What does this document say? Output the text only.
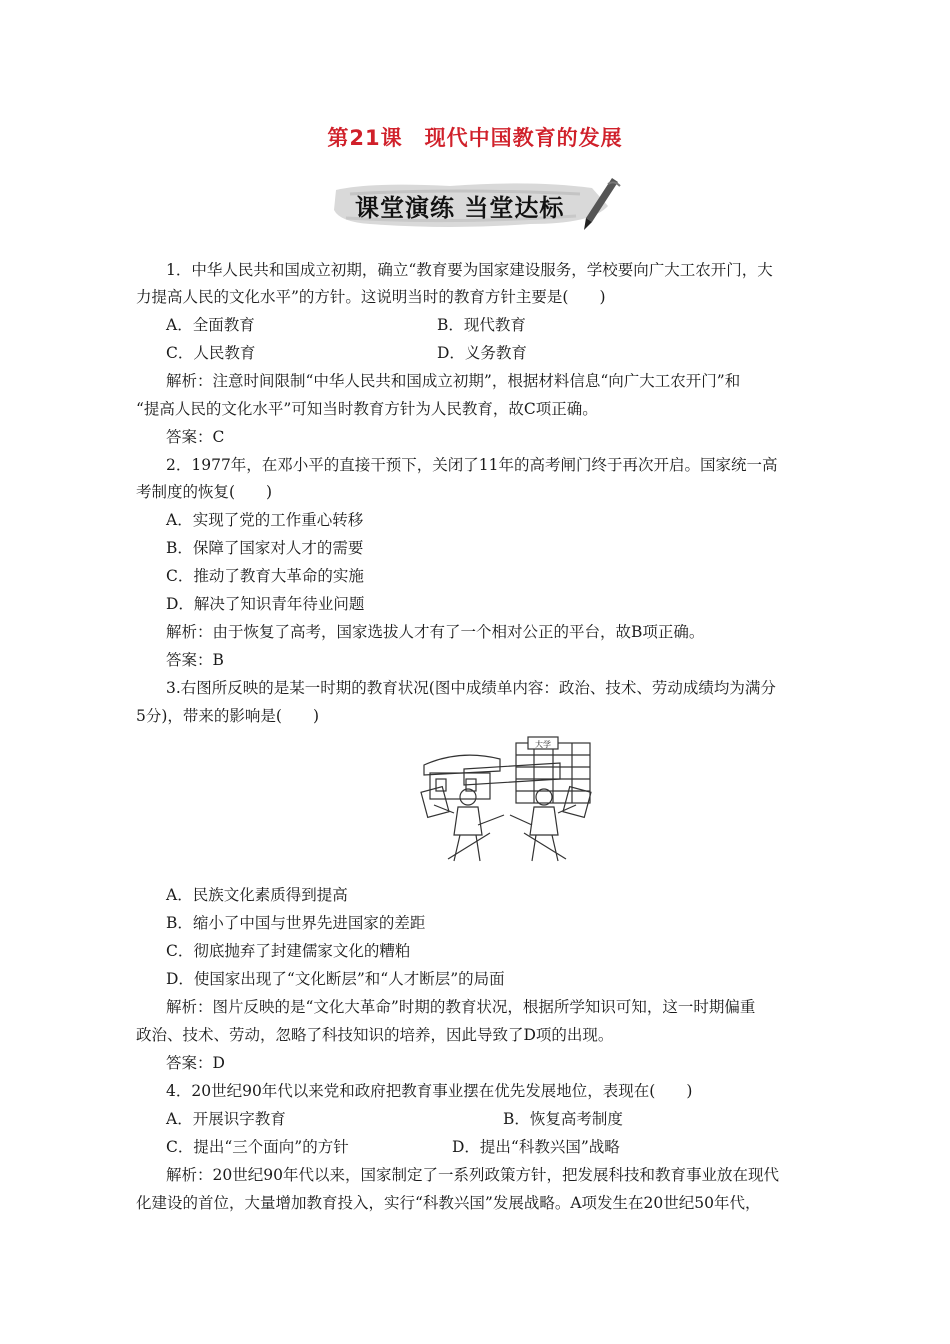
第21课　现代中国教育的发展
课堂演练 当堂达标
1．中华人民共和国成立初期，确立“教育要为国家建设服务，学校要向广大工农开门，大
力提高人民的文化水平”的方针。这说明当时的教育方针主要是(　　)
A．全面教育	B．现代教育
C．人民教育	D．义务教育
解析：注意时间限制“中华人民共和国成立初期”，根据材料信息“向广大工农开门”和
“提高人民的文化水平”可知当时教育方针为人民教育，故C项正确。
答案：C
2．1977年，在邓小平的直接干预下，关闭了11年的高考闸门终于再次开启。国家统一高
考制度的恢复(　　)
A．实现了党的工作重心转移
B．保障了国家对人才的需要
C．推动了教育大革命的实施
D．解决了知识青年待业问题
解析：由于恢复了高考，国家选拔人才有了一个相对公正的平台，故B项正确。
答案：B
3.右图所反映的是某一时期的教育状况(图中成绩单内容：政治、技术、劳动成绩均为满分
5分)，带来的影响是(　　)
大学
A．民族文化素质得到提高
B．缩小了中国与世界先进国家的差距
C．彻底抛弃了封建儒家文化的糟粕
D．使国家出现了“文化断层”和“人才断层”的局面
解析：图片反映的是“文化大革命”时期的教育状况，根据所学知识可知，这一时期偏重
政治、技术、劳动，忽略了科技知识的培养，因此导致了D项的出现。
答案：D
4．20世纪90年代以来党和政府把教育事业摆在优先发展地位，表现在(　　)
A．开展识字教育	B．恢复高考制度
C．提出“三个面向”的方针	D．提出“科教兴国”战略
解析：20世纪90年代以来，国家制定了一系列政策方针，把发展科技和教育事业放在现代
化建设的首位，大量增加教育投入，实行“科教兴国”发展战略。A项发生在20世纪50年代，
